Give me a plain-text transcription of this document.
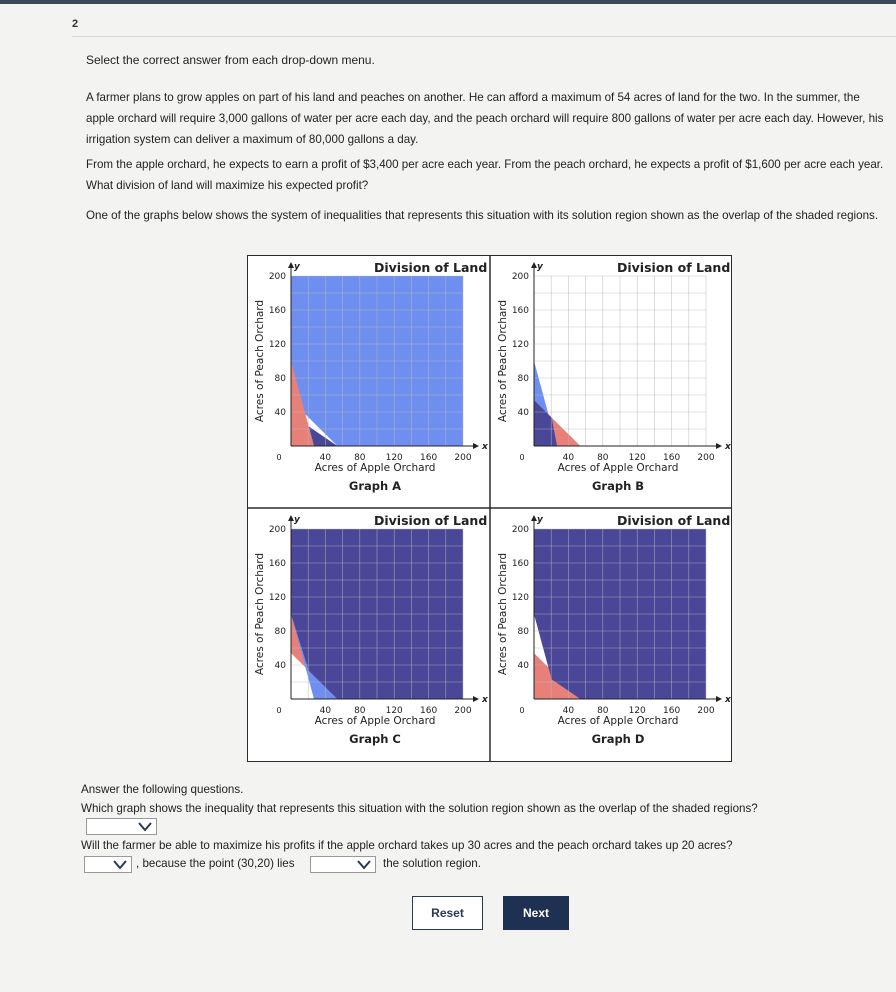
2
Select the correct answer from each drop-down menu.
A farmer plans to grow apples on part of his land and peaches on another. He can afford a maximum of 54 acres of land for the two. In the summer, the apple orchard will require 3,000 gallons of water per acre each day, and the peach orchard will require 800 gallons of water per acre each day. However, his irrigation system can deliver a maximum of 80,000 gallons a day.
From the apple orchard, he expects to earn a profit of $3,400 per acre each year. From the peach orchard, he expects a profit of $1,600 per acre each year. What division of land will maximize his expected profit?
One of the graphs below shows the system of inequalities that represents this situation with its solution region shown as the overlap of the shaded regions.
Division of Land
y
x
40	80 120 160 200
40
80
120
160
200
0
Acres of Apple Orchard
Acres of Peach Orchard
Graph A
Division of Land
y
x
40	80 120 160 200
40
80
120
160
200
0
Acres of Apple Orchard
Acres of Peach Orchard
Graph B
Division of Land
y
x
40	80 120 160 200
40
80
120
160
200
0
Acres of Apple Orchard
Acres of Peach Orchard
Graph C
Division of Land
y
x
40	80 120 160 200
40
80
120
160
200
0
Acres of Apple Orchard
Acres of Peach Orchard
Graph D
Answer the following questions.
Which graph shows the inequality that represents this situation with the solution region shown as the overlap of the shaded regions?
Will the farmer be able to maximize his profits if the apple orchard takes up 30 acres and the peach orchard takes up 20 acres?
, because the point (30,20) lies	the solution region.
Reset	Next
